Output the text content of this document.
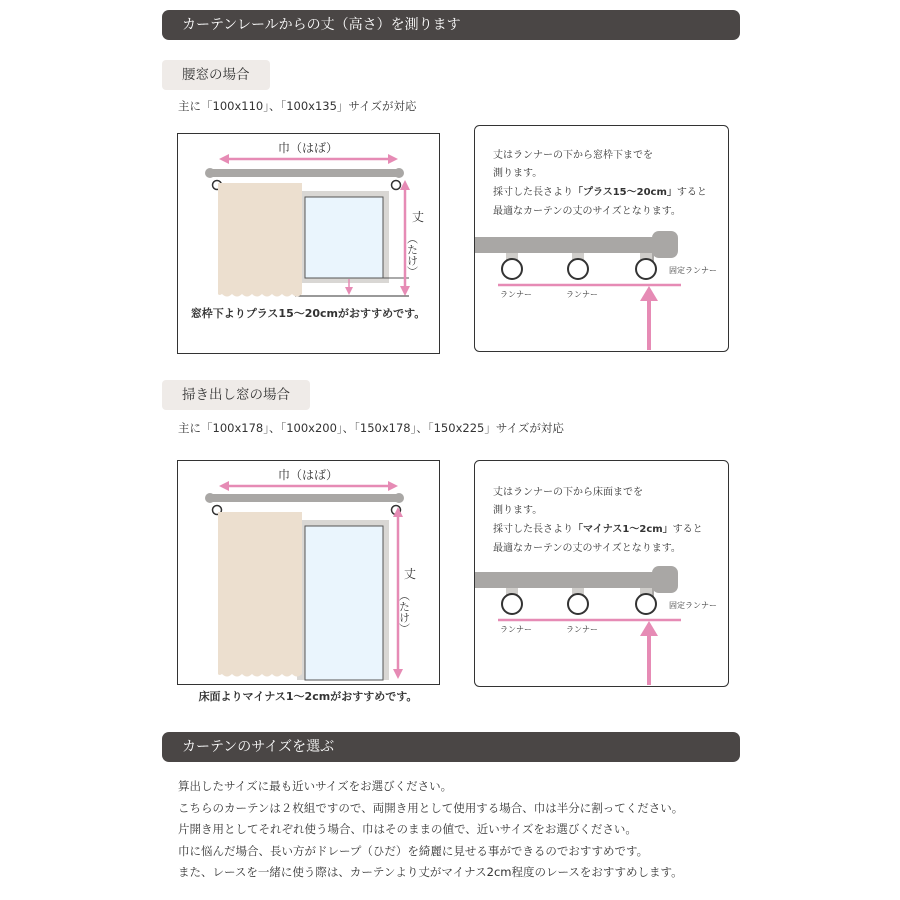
カーテンレールからの丈（高さ）を測ります
腰窓の場合
主に「100x110」、「100x135」サイズが対応
巾（はば）
丈
（たけ）
窓枠下よりプラス15～20cmがおすすめです。
丈はランナーの下から窓枠下までを
測ります。
採寸した長さより「プラス15～20cm」すると
最適なカーテンの丈のサイズとなります。
固定ランナー
ランナー	ランナー
掃き出し窓の場合
主に「100x178」、「100x200」、「150x178」、「150x225」サイズが対応
巾（はば）
丈
（たけ）
床面よりマイナス1～2cmがおすすめです。
丈はランナーの下から床面までを
測ります。
採寸した長さより「マイナス1～2cm」すると
最適なカーテンの丈のサイズとなります。
固定ランナー
ランナー	ランナー
カーテンのサイズを選ぶ
算出したサイズに最も近いサイズをお選びください。
こちらのカーテンは２枚組ですので、両開き用として使用する場合、巾は半分に割ってください。
片開き用としてそれぞれ使う場合、巾はそのままの値で、近いサイズをお選びください。
巾に悩んだ場合、長い方がドレープ（ひだ）を綺麗に見せる事ができるのでおすすめです。
また、レースを一緒に使う際は、カーテンより丈がマイナス2cm程度のレースをおすすめします。
